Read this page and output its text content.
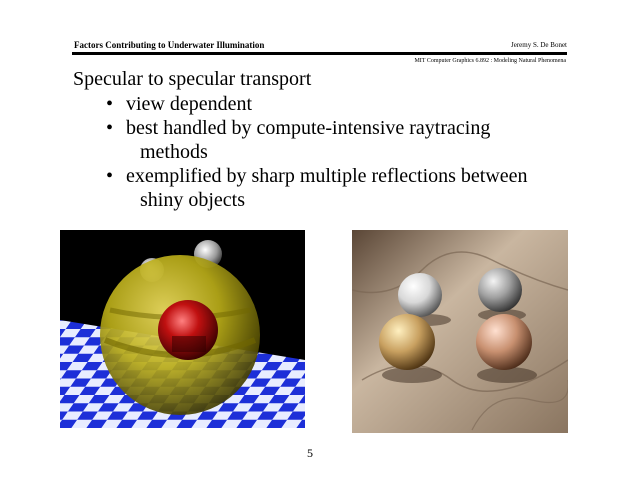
Factors Contributing to Underwater Illumination	Jeremy S. De Bonet
MIT Computer Graphics 6.892 : Modeling Natural Phenomena
Specular to specular transport
• view dependent
• best handled by compute-intensive raytracing
methods
• exemplified by sharp multiple reflections between
shiny objects
5
